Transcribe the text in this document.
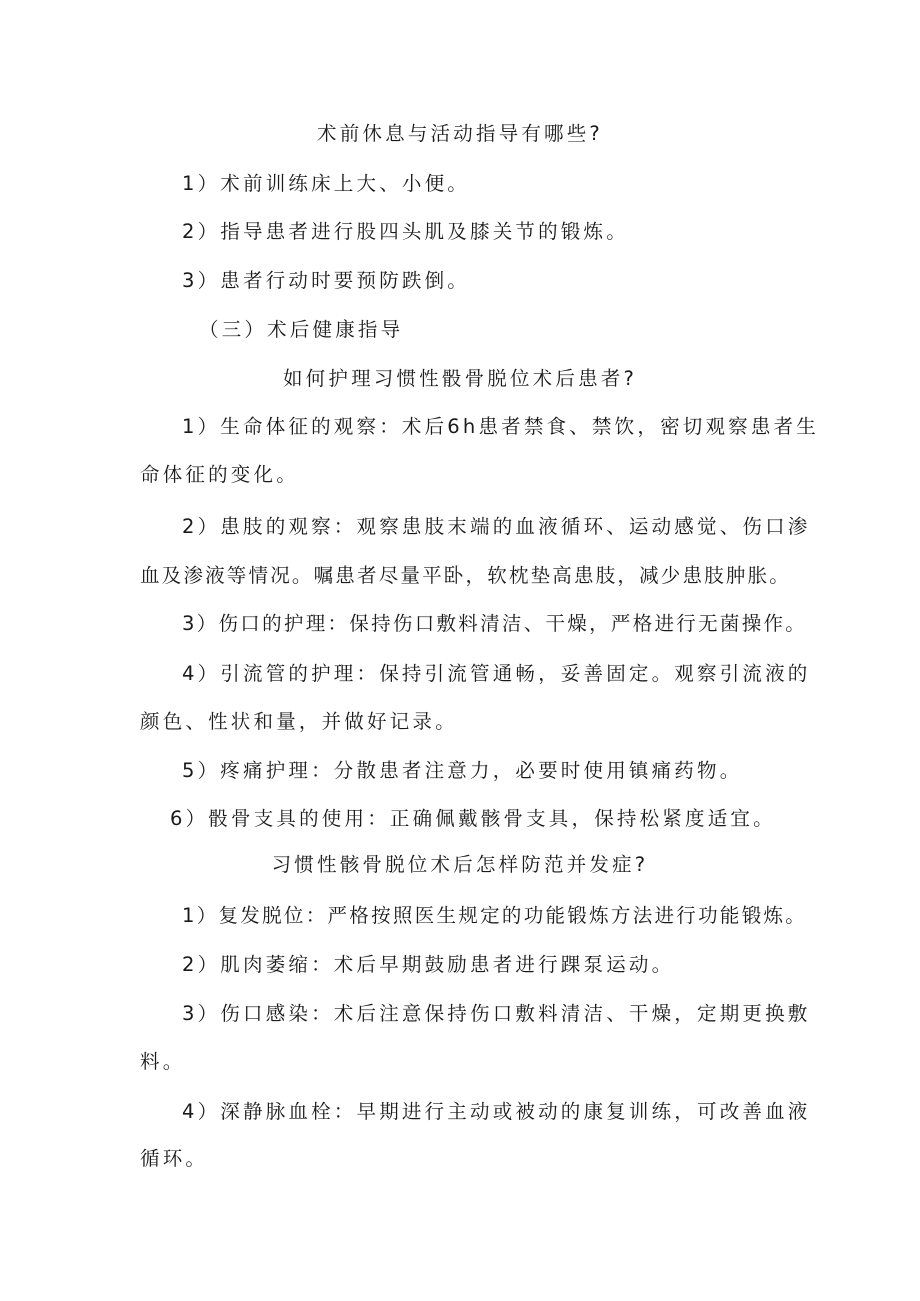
术前休息与活动指导有哪些?
1）术前训练床上大、小便。
2）指导患者进行股四头肌及膝关节的锻炼。
3）患者行动时要预防跌倒。
（三）术后健康指导
如何护理习惯性骰骨脱位术后患者?
1）生命体征的观察：术后6h患者禁食、禁饮，密切观察患者生
命体征的变化。
2）患肢的观察：观察患肢末端的血液循环、运动感觉、伤口渗
血及渗液等情况。嘱患者尽量平卧，软枕垫高患肢，减少患肢肿胀。
3）伤口的护理：保持伤口敷料清洁、干燥，严格进行无菌操作。
4）引流管的护理：保持引流管通畅，妥善固定。观察引流液的
颜色、性状和量，并做好记录。
5）疼痛护理：分散患者注意力，必要时使用镇痛药物。
6）骰骨支具的使用：正确佩戴骸骨支具，保持松紧度适宜。
习惯性骸骨脱位术后怎样防范并发症?
1）复发脱位：严格按照医生规定的功能锻炼方法进行功能锻炼。
2）肌肉萎缩：术后早期鼓励患者进行踝泵运动。
3）伤口感染：术后注意保持伤口敷料清洁、干燥，定期更换敷
料。
4）深静脉血栓：早期进行主动或被动的康复训练，可改善血液
循环。
